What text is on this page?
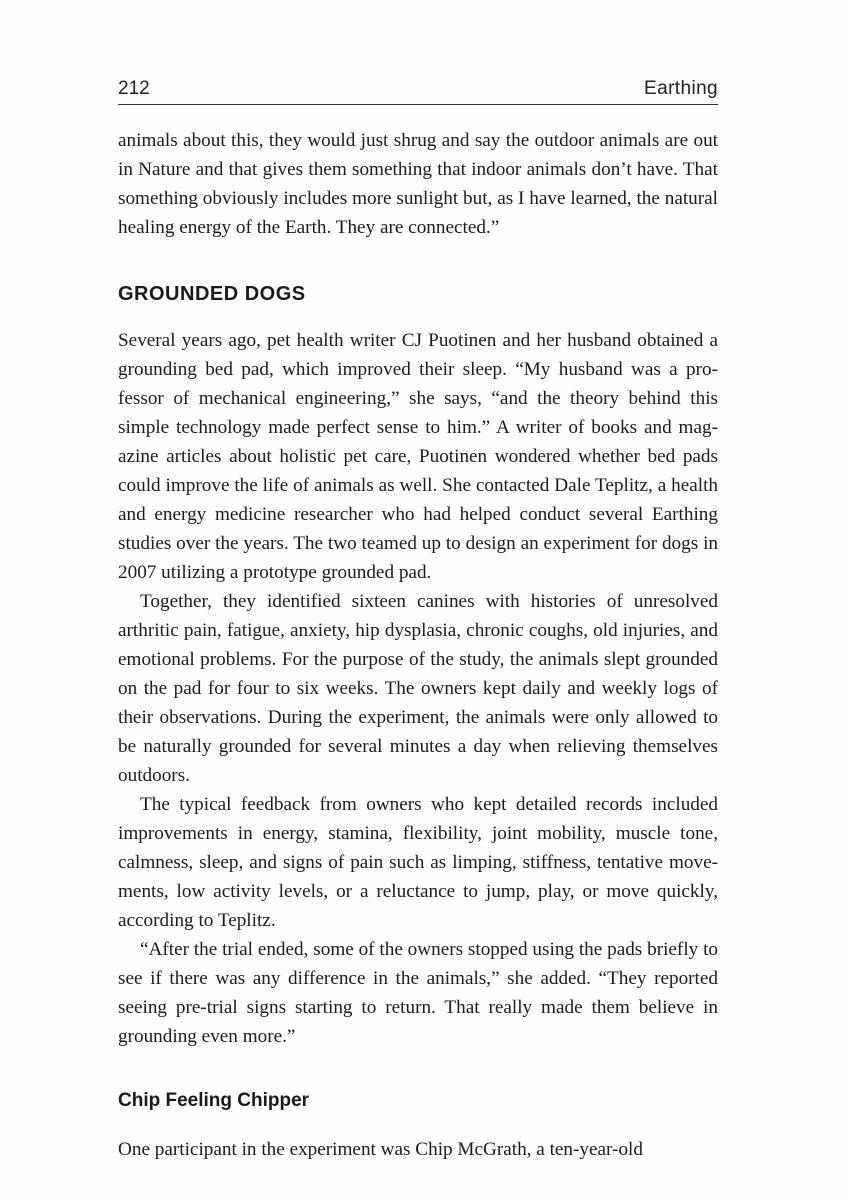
212	Earthing

animals about this, they would just shrug and say the outdoor animals are out in Nature and that gives them something that indoor animals don’t have. That something obviously includes more sunlight but, as I have learned, the natural healing energy of the Earth. They are connected.”

GROUNDED DOGS

Several years ago, pet health writer CJ Puotinen and her husband obtained a grounding bed pad, which improved their sleep. “My husband was a professor of mechanical engineering,” she says, “and the theory behind this simple technology made perfect sense to him.” A writer of books and magazine articles about holistic pet care, Puotinen wondered whether bed pads could improve the life of animals as well. She contacted Dale Teplitz, a health and energy medicine researcher who had helped conduct several Earthing studies over the years. The two teamed up to design an experiment for dogs in 2007 utilizing a prototype grounded pad.

Together, they identified sixteen canines with histories of unresolved arthritic pain, fatigue, anxiety, hip dysplasia, chronic coughs, old injuries, and emotional problems. For the purpose of the study, the animals slept grounded on the pad for four to six weeks. The owners kept daily and weekly logs of their observations. During the experiment, the animals were only allowed to be naturally grounded for several minutes a day when relieving themselves outdoors.

The typical feedback from owners who kept detailed records included improvements in energy, stamina, flexibility, joint mobility, muscle tone, calmness, sleep, and signs of pain such as limping, stiffness, tentative movements, low activity levels, or a reluctance to jump, play, or move quickly, according to Teplitz.

“After the trial ended, some of the owners stopped using the pads briefly to see if there was any difference in the animals,” she added. “They reported seeing pre-trial signs starting to return. That really made them believe in grounding even more.”

Chip Feeling Chipper

One participant in the experiment was Chip McGrath, a ten-year-old
